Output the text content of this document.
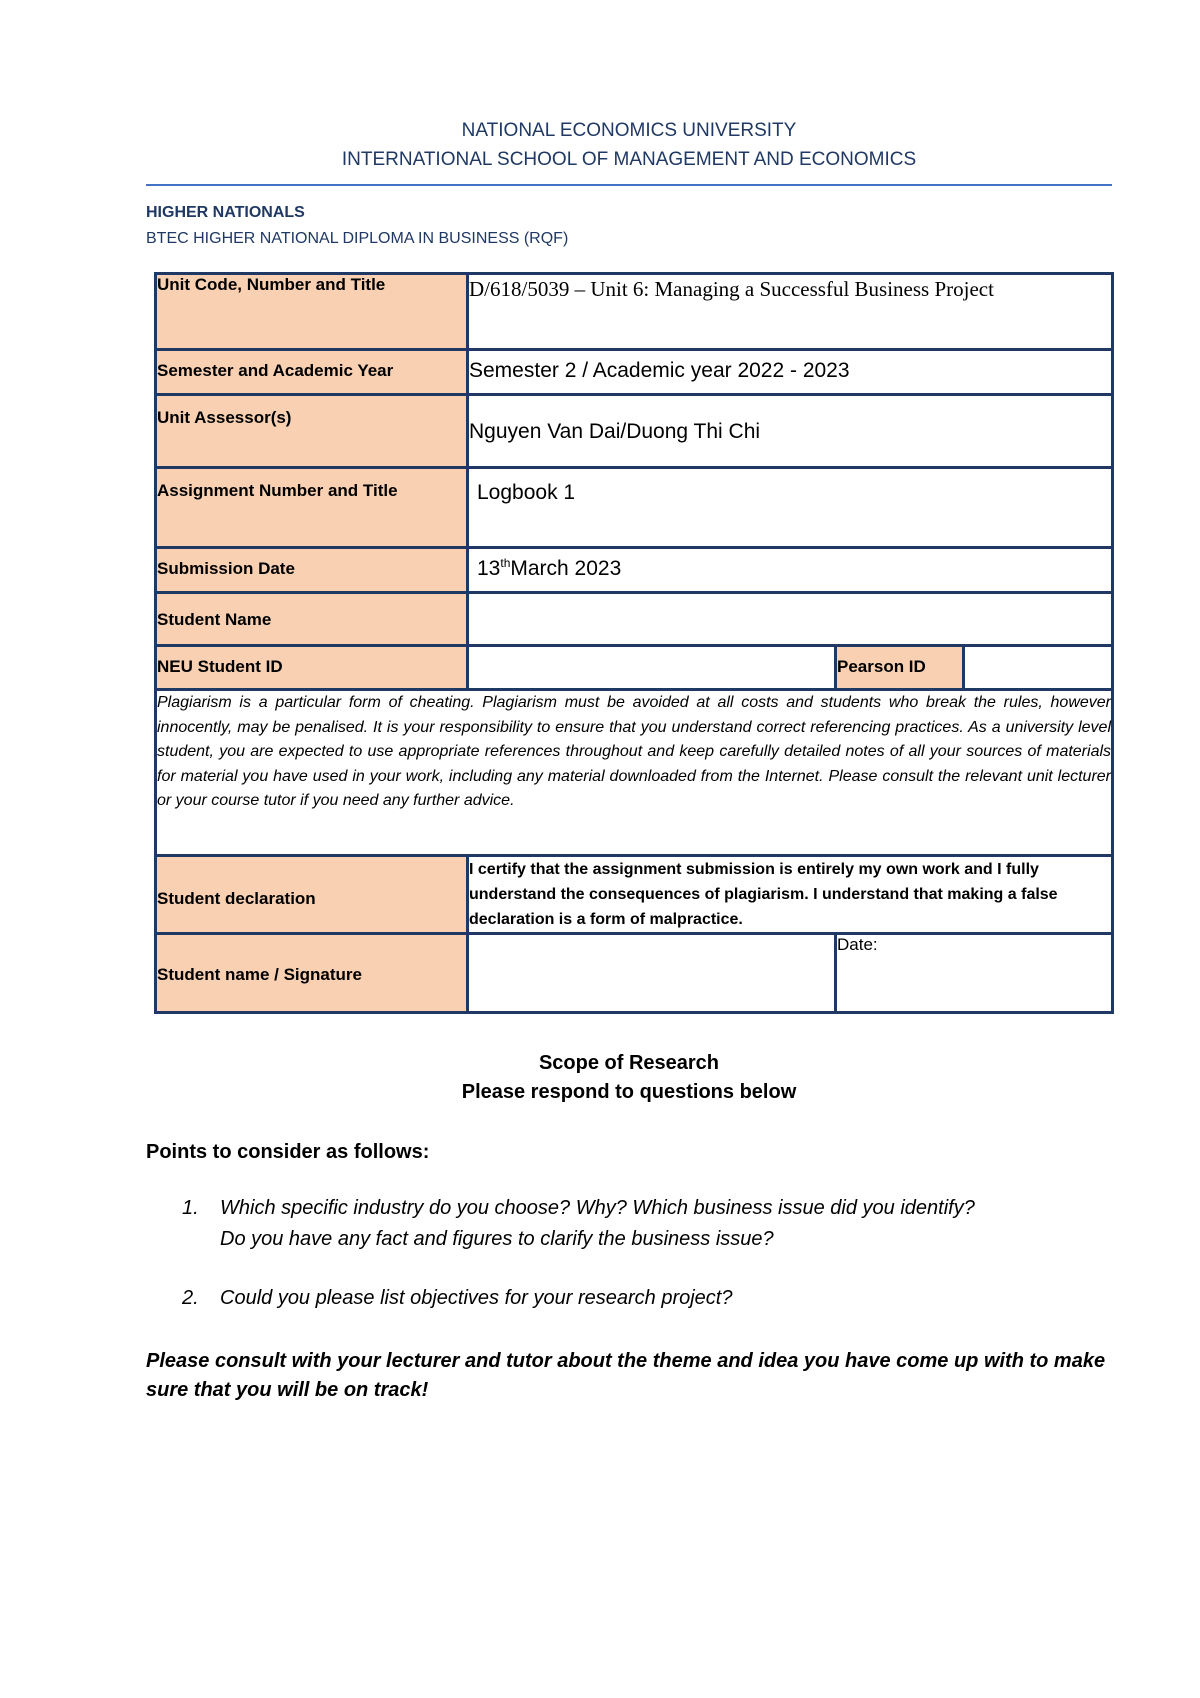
NATIONAL ECONOMICS UNIVERSITY
INTERNATIONAL SCHOOL OF MANAGEMENT AND ECONOMICS
HIGHER NATIONALS
BTEC HIGHER NATIONAL DIPLOMA IN BUSINESS (RQF)
Unit Code, Number and Title	D/618/5039 – Unit 6: Managing a Successful Business Project		
Semester and Academic Year	Semester 2 / Academic year 2022 - 2023		
Unit Assessor(s)	Nguyen Van Dai/Duong Thi Chi		
Assignment Number and Title	Logbook 1		
Submission Date	13thMarch 2023		
Student Name			
NEU Student ID		Pearson ID	
Plagiarism is a particular form of cheating. Plagiarism must be avoided at all costs and students who break the rules, however innocently, may be penalised. It is your responsibility to ensure that you understand correct referencing practices. As a university level student, you are expected to use appropriate references throughout and keep carefully detailed notes of all your sources of materials for material you have used in your work, including any material downloaded from the Internet. Please consult the relevant unit lecturer or your course tutor if you need any further advice.			
Student declaration	I certify that the assignment submission is entirely my own work and I fully understand the consequences of plagiarism. I understand that making a false declaration is a form of malpractice.		
Student name / Signature		Date:	
Scope of Research
Please respond to questions below
Points to consider as follows:
1. Which specific industry do you choose? Why? Which business issue did you identify?
Do you have any fact and figures to clarify the business issue?
2. Could you please list objectives for your research project?
Please consult with your lecturer and tutor about the theme and idea you have come up with to make sure that you will be on track!
